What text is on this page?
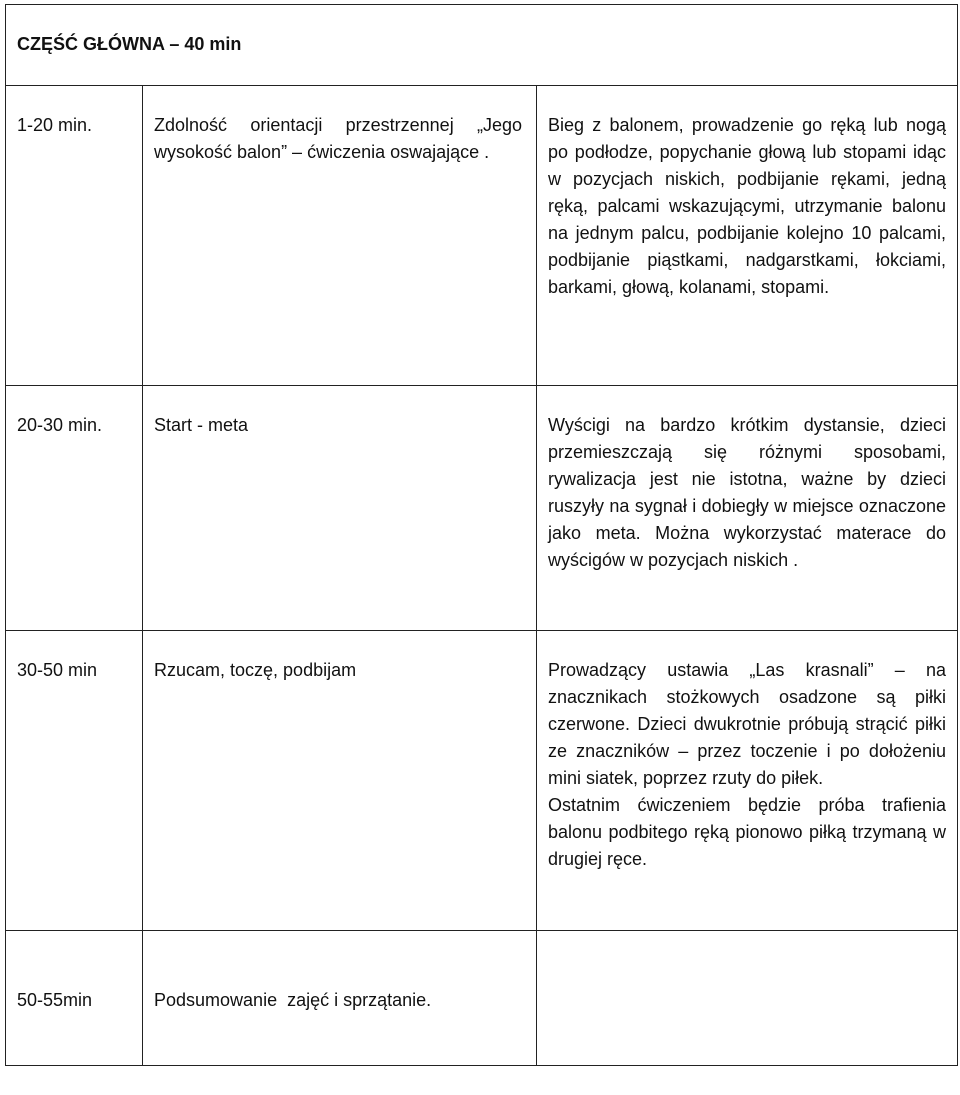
CZĘŚĆ GŁÓWNA – 40 min		
1-20 min.	Zdolność orientacji przestrzennej „Jego wysokość balon” – ćwiczenia oswajające .	Bieg z balonem, prowadzenie go ręką lub nogą po podłodze, popychanie głową lub stopami idąc w pozycjach niskich, podbijanie rękami, jedną ręką, palcami wskazującymi, utrzymanie balonu na jednym palcu, podbijanie kolejno 10 palcami, podbijanie piąstkami, nadgarstkami, łokciami, barkami, głową, kolanami, stopami.

20-30 min.	Start - meta	Wyścigi na bardzo krótkim dystansie, dzieci przemieszczają się różnymi sposobami, rywalizacja jest nie istotna, ważne by dzieci ruszyły na sygnał i dobiegły w miejsce oznaczone jako meta. Można wykorzystać materace do wyścigów w pozycjach niskich .

30-50 min	Rzucam, toczę, podbijam	Prowadzący ustawia „Las krasnali” – na znacznikach stożkowych osadzone są piłki czerwone. Dzieci dwukrotnie próbują strącić piłki ze znaczników – przez toczenie i po dołożeniu mini siatek, poprzez rzuty do piłek.
Ostatnim ćwiczeniem będzie próba trafienia balonu podbitego ręką pionowo piłką trzymaną w drugiej ręce.

50-55min	Podsumowanie  zajęć i sprzątanie.	
